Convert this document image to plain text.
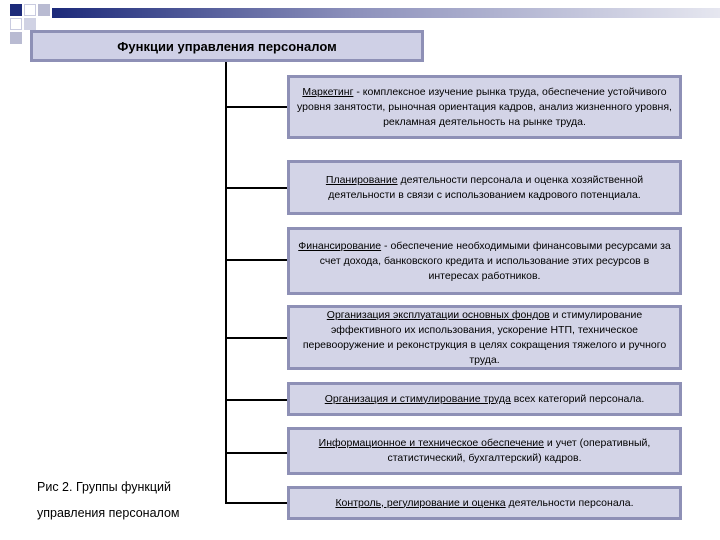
Функции управления персоналом
Маркетинг - комплексное изучение рынка труда, обеспечение устойчивого уровня занятости, рыночная ориентация кадров, анализ жизненного уровня, рекламная деятельность на рынке труда.
Планирование деятельности персонала и оценка хозяйственной деятельности в связи с использованием кадрового потенциала.
Финансирование - обеспечение необходимыми финансовыми ресурсами за счет дохода, банковского кредита и использование этих ресурсов в интересах работников.
Организация эксплуатации основных фондов и стимулирование эффективного их использования, ускорение НТП, техническое перевооружение и реконструкция в целях сокращения тяжелого и ручного труда.
Организация и стимулирование труда всех категорий персонала.
Информационное и техническое обеспечение и учет (оперативный, статистический, бухгалтерский) кадров.
Контроль, регулирование и оценка деятельности персонала.
Рис 2. Группы функций
управления персоналом
